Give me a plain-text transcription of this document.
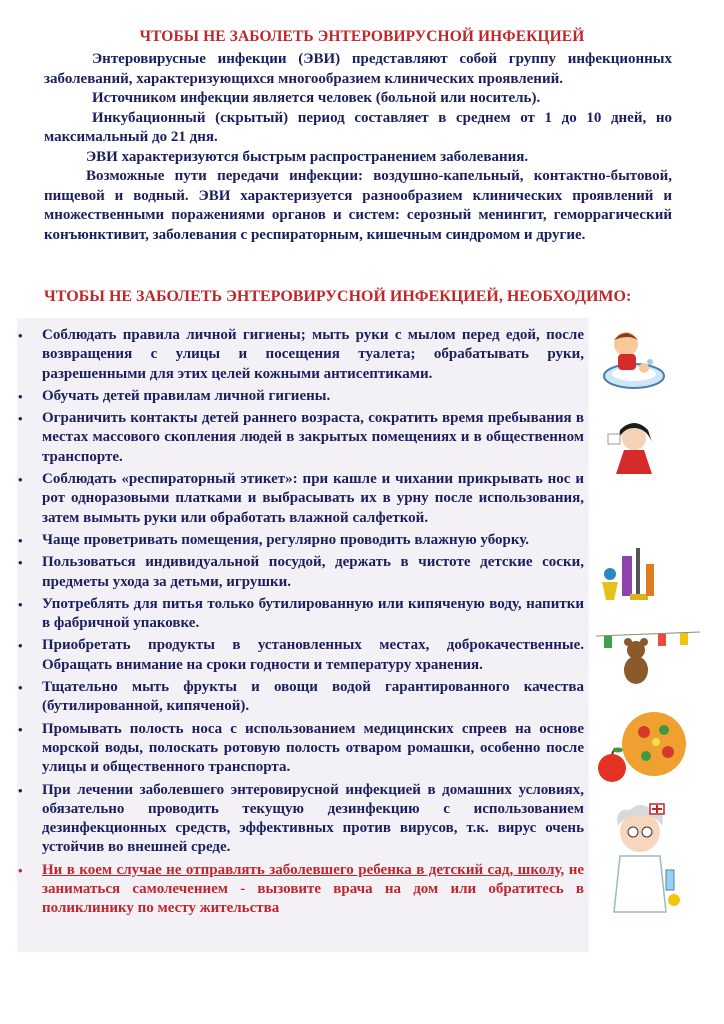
ЧТОБЫ НЕ ЗАБОЛЕТЬ ЭНТЕРОВИРУСНОЙ ИНФЕКЦИЕЙ

Энтеровирусные инфекции (ЭВИ) представляют собой группу инфекционных заболеваний, характеризующихся многообразием клинических проявлений.

Источником инфекции является человек (больной или носитель).

Инкубационный (скрытый) период составляет в среднем от 1 до 10 дней, но максимальный до 21 дня.

ЭВИ характеризуются быстрым распространением заболевания.

Возможные пути передачи инфекции: воздушно-капельный, контактно-бытовой, пищевой и водный. ЭВИ характеризуется разнообразием клинических проявлений и множественными поражениями органов и систем: серозный менингит, геморрагический конъюнктивит, заболевания с респираторным, кишечным синдромом и другие.

ЧТОБЫ НЕ ЗАБОЛЕТЬ ЭНТЕРОВИРУСНОЙ ИНФЕКЦИЕЙ, НЕОБХОДИМО:
• Соблюдать правила личной гигиены; мыть руки с мылом перед едой, после возвращения с улицы и посещения туалета; обрабатывать руки, разрешенными для этих целей кожными антисептиками.
• Обучать детей правилам личной гигиены.
• Ограничить контакты детей раннего возраста, сократить время пребывания в местах массового скопления людей в закрытых помещениях и в общественном транспорте.
• Соблюдать «респираторный этикет»: при кашле и чихании прикрывать нос и рот одноразовыми платками и выбрасывать их в урну после использования, затем вымыть руки или обработать влажной салфеткой.
• Чаще проветривать помещения, регулярно проводить влажную уборку.
• Пользоваться индивидуальной посудой, держать в чистоте детские соски, предметы ухода за детьми, игрушки.
• Употреблять для питья только бутилированную или кипяченую воду, напитки в фабричной упаковке.
• Приобретать продукты в установленных местах, доброкачественные. Обращать внимание на сроки годности и температуру хранения.
• Тщательно мыть фрукты и овощи водой гарантированного качества (бутилированной, кипяченой).
• Промывать полость носа с использованием медицинских спреев на основе морской воды, полоскать ротовую полость отваром ромашки, особенно после улицы и общественного транспорта.
• При лечении заболевшего энтеровирусной инфекцией в домашних условиях, обязательно проводить текущую дезинфекцию с использованием дезинфекционных средств, эффективных против вирусов, т.к. вирус очень устойчив во внешней среде.
• Ни в коем случае не отправлять заболевшего ребенка в детский сад, школу, не заниматься самолечением - вызовите врача на дом или обратитесь в поликлинику по месту жительства
